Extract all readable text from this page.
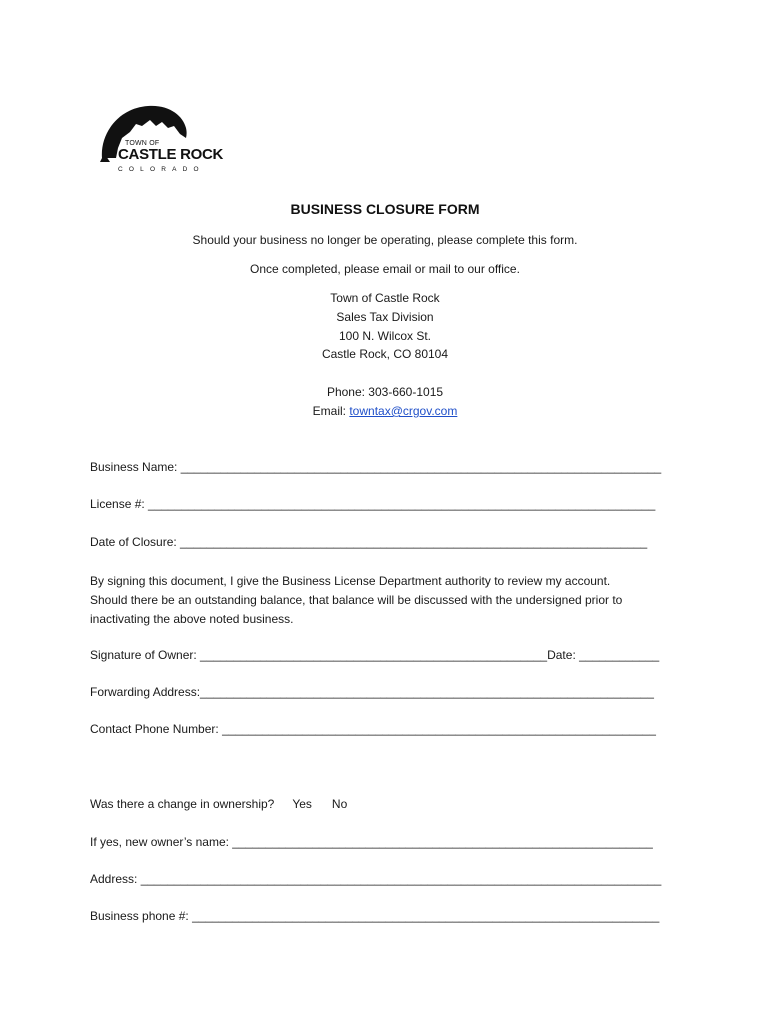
TOWN OF
CASTLE ROCK
COLORADO
BUSINESS CLOSURE FORM
Should your business no longer be operating, please complete this form.
Once completed, please email or mail to our office.
Town of Castle Rock
Sales Tax Division
100 N. Wilcox St.
Castle Rock, CO 80104
Phone: 303-660-1015
Email: towntax@crgov.com
Business Name: ________________________________________________________________________
License #: ____________________________________________________________________________
Date of Closure: ______________________________________________________________________
By signing this document, I give the Business License Department authority to review my account.
Should there be an outstanding balance, that balance will be discussed with the undersigned prior to
inactivating the above noted business.
Signature of Owner: ____________________________________________________Date: ____________
Forwarding Address:____________________________________________________________________
Contact Phone Number: _________________________________________________________________
Was there a change in ownership? Yes No
If yes, new owner’s name: _______________________________________________________________
Address: ______________________________________________________________________________
Business phone #: ______________________________________________________________________
